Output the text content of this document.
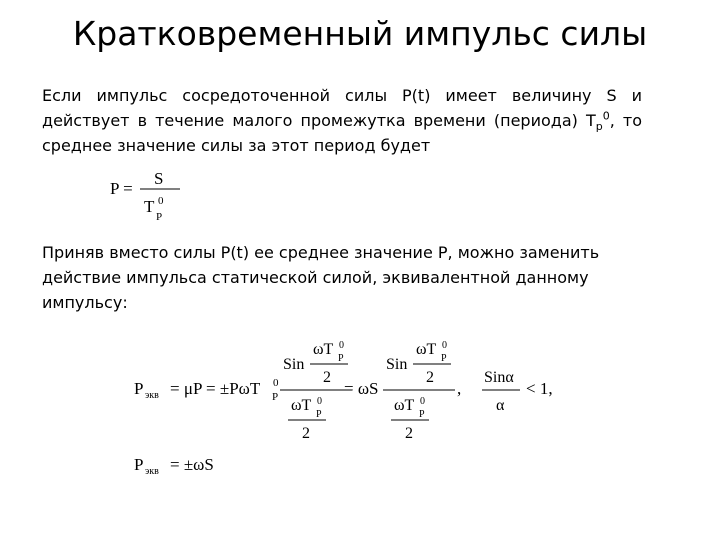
Кратковременный импульс силы
Если импульс сосредоточенной силы P(t) имеет величину S и
действует в течение малого промежутка времени (периода) $T_p^0$, то
среднее значение силы за этот период будет
P =
S
T 0
P
Приняв вместо силы P(t) ее среднее значение P, можно заменить
действие импульса статической силой, эквивалентной данному
импульсу:
P экв = μP = ±PωT 0
P
Sin
ωT 0
P
2
ωT 0
P
2
= ωS
Sin
ωT 0
P
2
ωT 0
P
2
,
Sinα
α
< 1,
P экв = ±ωS
